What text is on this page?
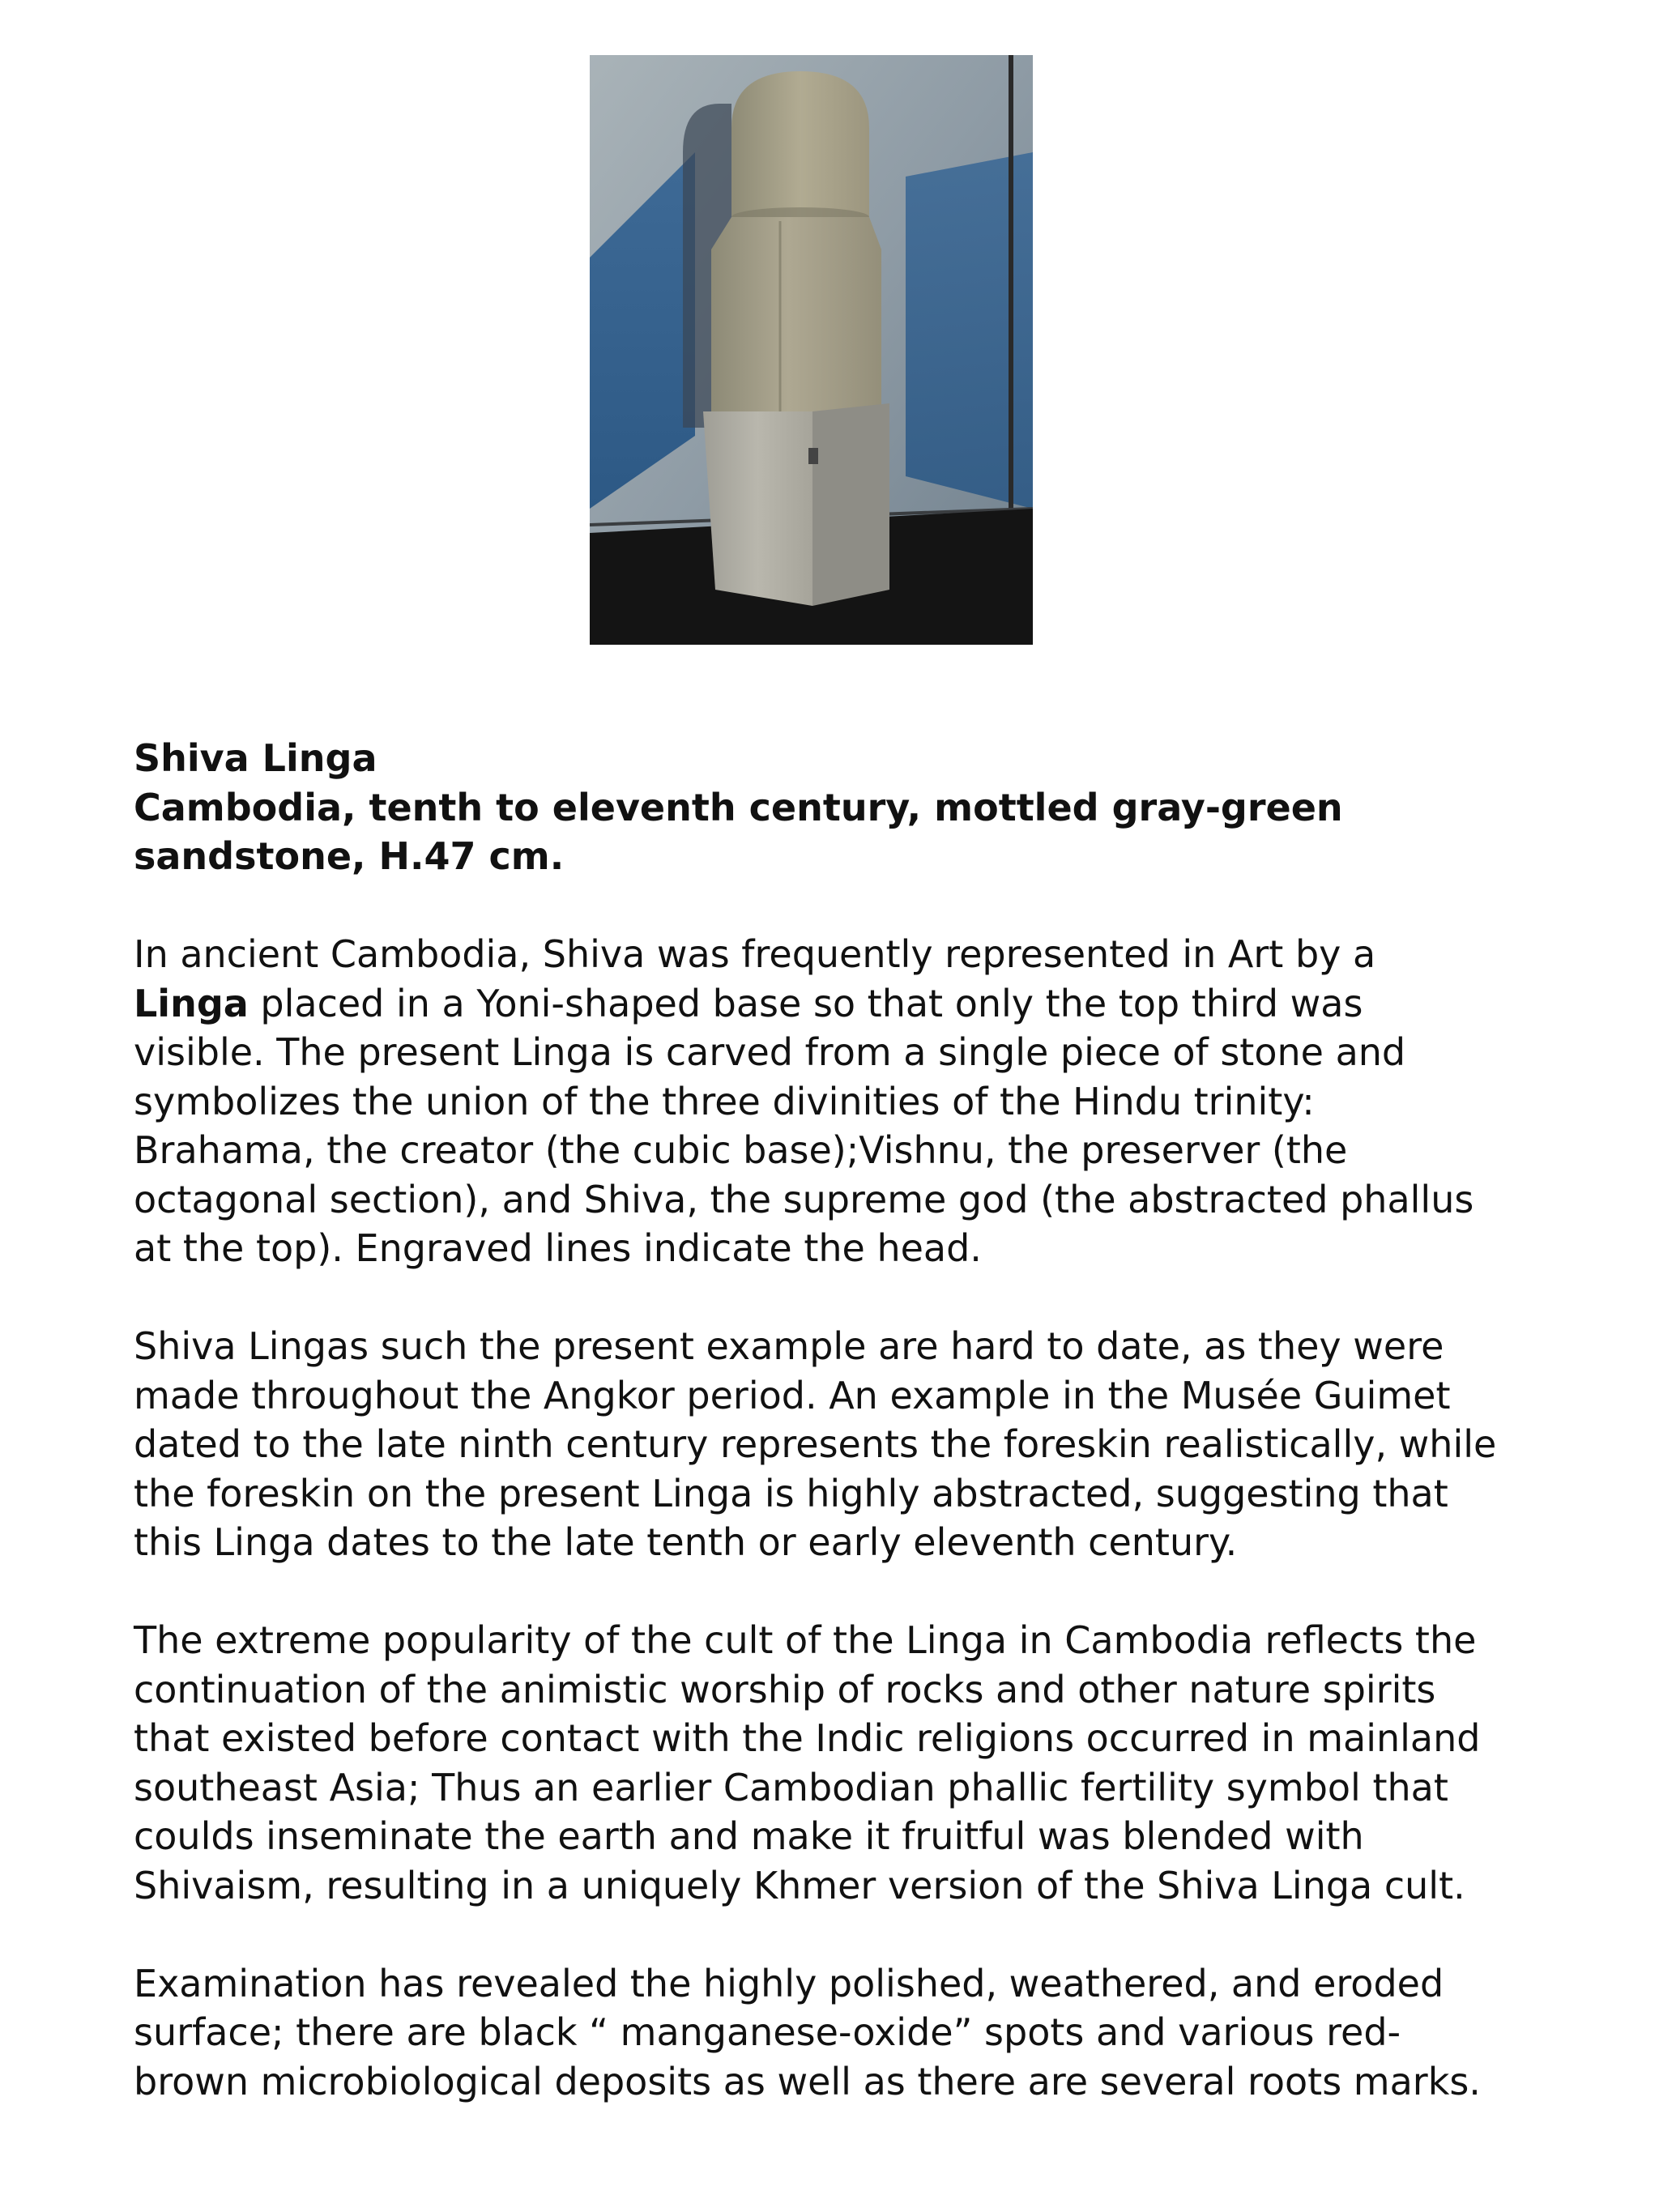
Shiva Linga
Cambodia, tenth to eleventh century, mottled gray-green
sandstone, H.47 cm.

In ancient Cambodia, Shiva was frequently represented in Art by a
Linga placed in a Yoni-shaped base so that only the top third was
visible. The present Linga is carved from a single piece of stone and
symbolizes the union of the three divinities of the Hindu trinity:
Brahama, the creator (the cubic base);Vishnu, the preserver (the
octagonal section), and Shiva, the supreme god (the abstracted phallus
at the top). Engraved lines indicate the head.

Shiva Lingas such the present example are hard to date, as they were
made throughout the Angkor period. An example in the Musée Guimet
dated to the late ninth century represents the foreskin realistically, while
the foreskin on the present Linga is highly abstracted, suggesting that
this Linga dates to the late tenth or early eleventh century.

The extreme popularity of the cult of the Linga in Cambodia reflects the
continuation of the animistic worship of rocks and other nature spirits
that existed before contact with the Indic religions occurred in mainland
southeast Asia; Thus an earlier Cambodian phallic fertility symbol that
coulds inseminate the earth and make it fruitful was blended with
Shivaism, resulting in a uniquely Khmer version of the Shiva Linga cult.

Examination has revealed the highly polished, weathered, and eroded
surface; there are black “ manganese-oxide” spots and various red-
brown microbiological deposits as well as there are several roots marks.
